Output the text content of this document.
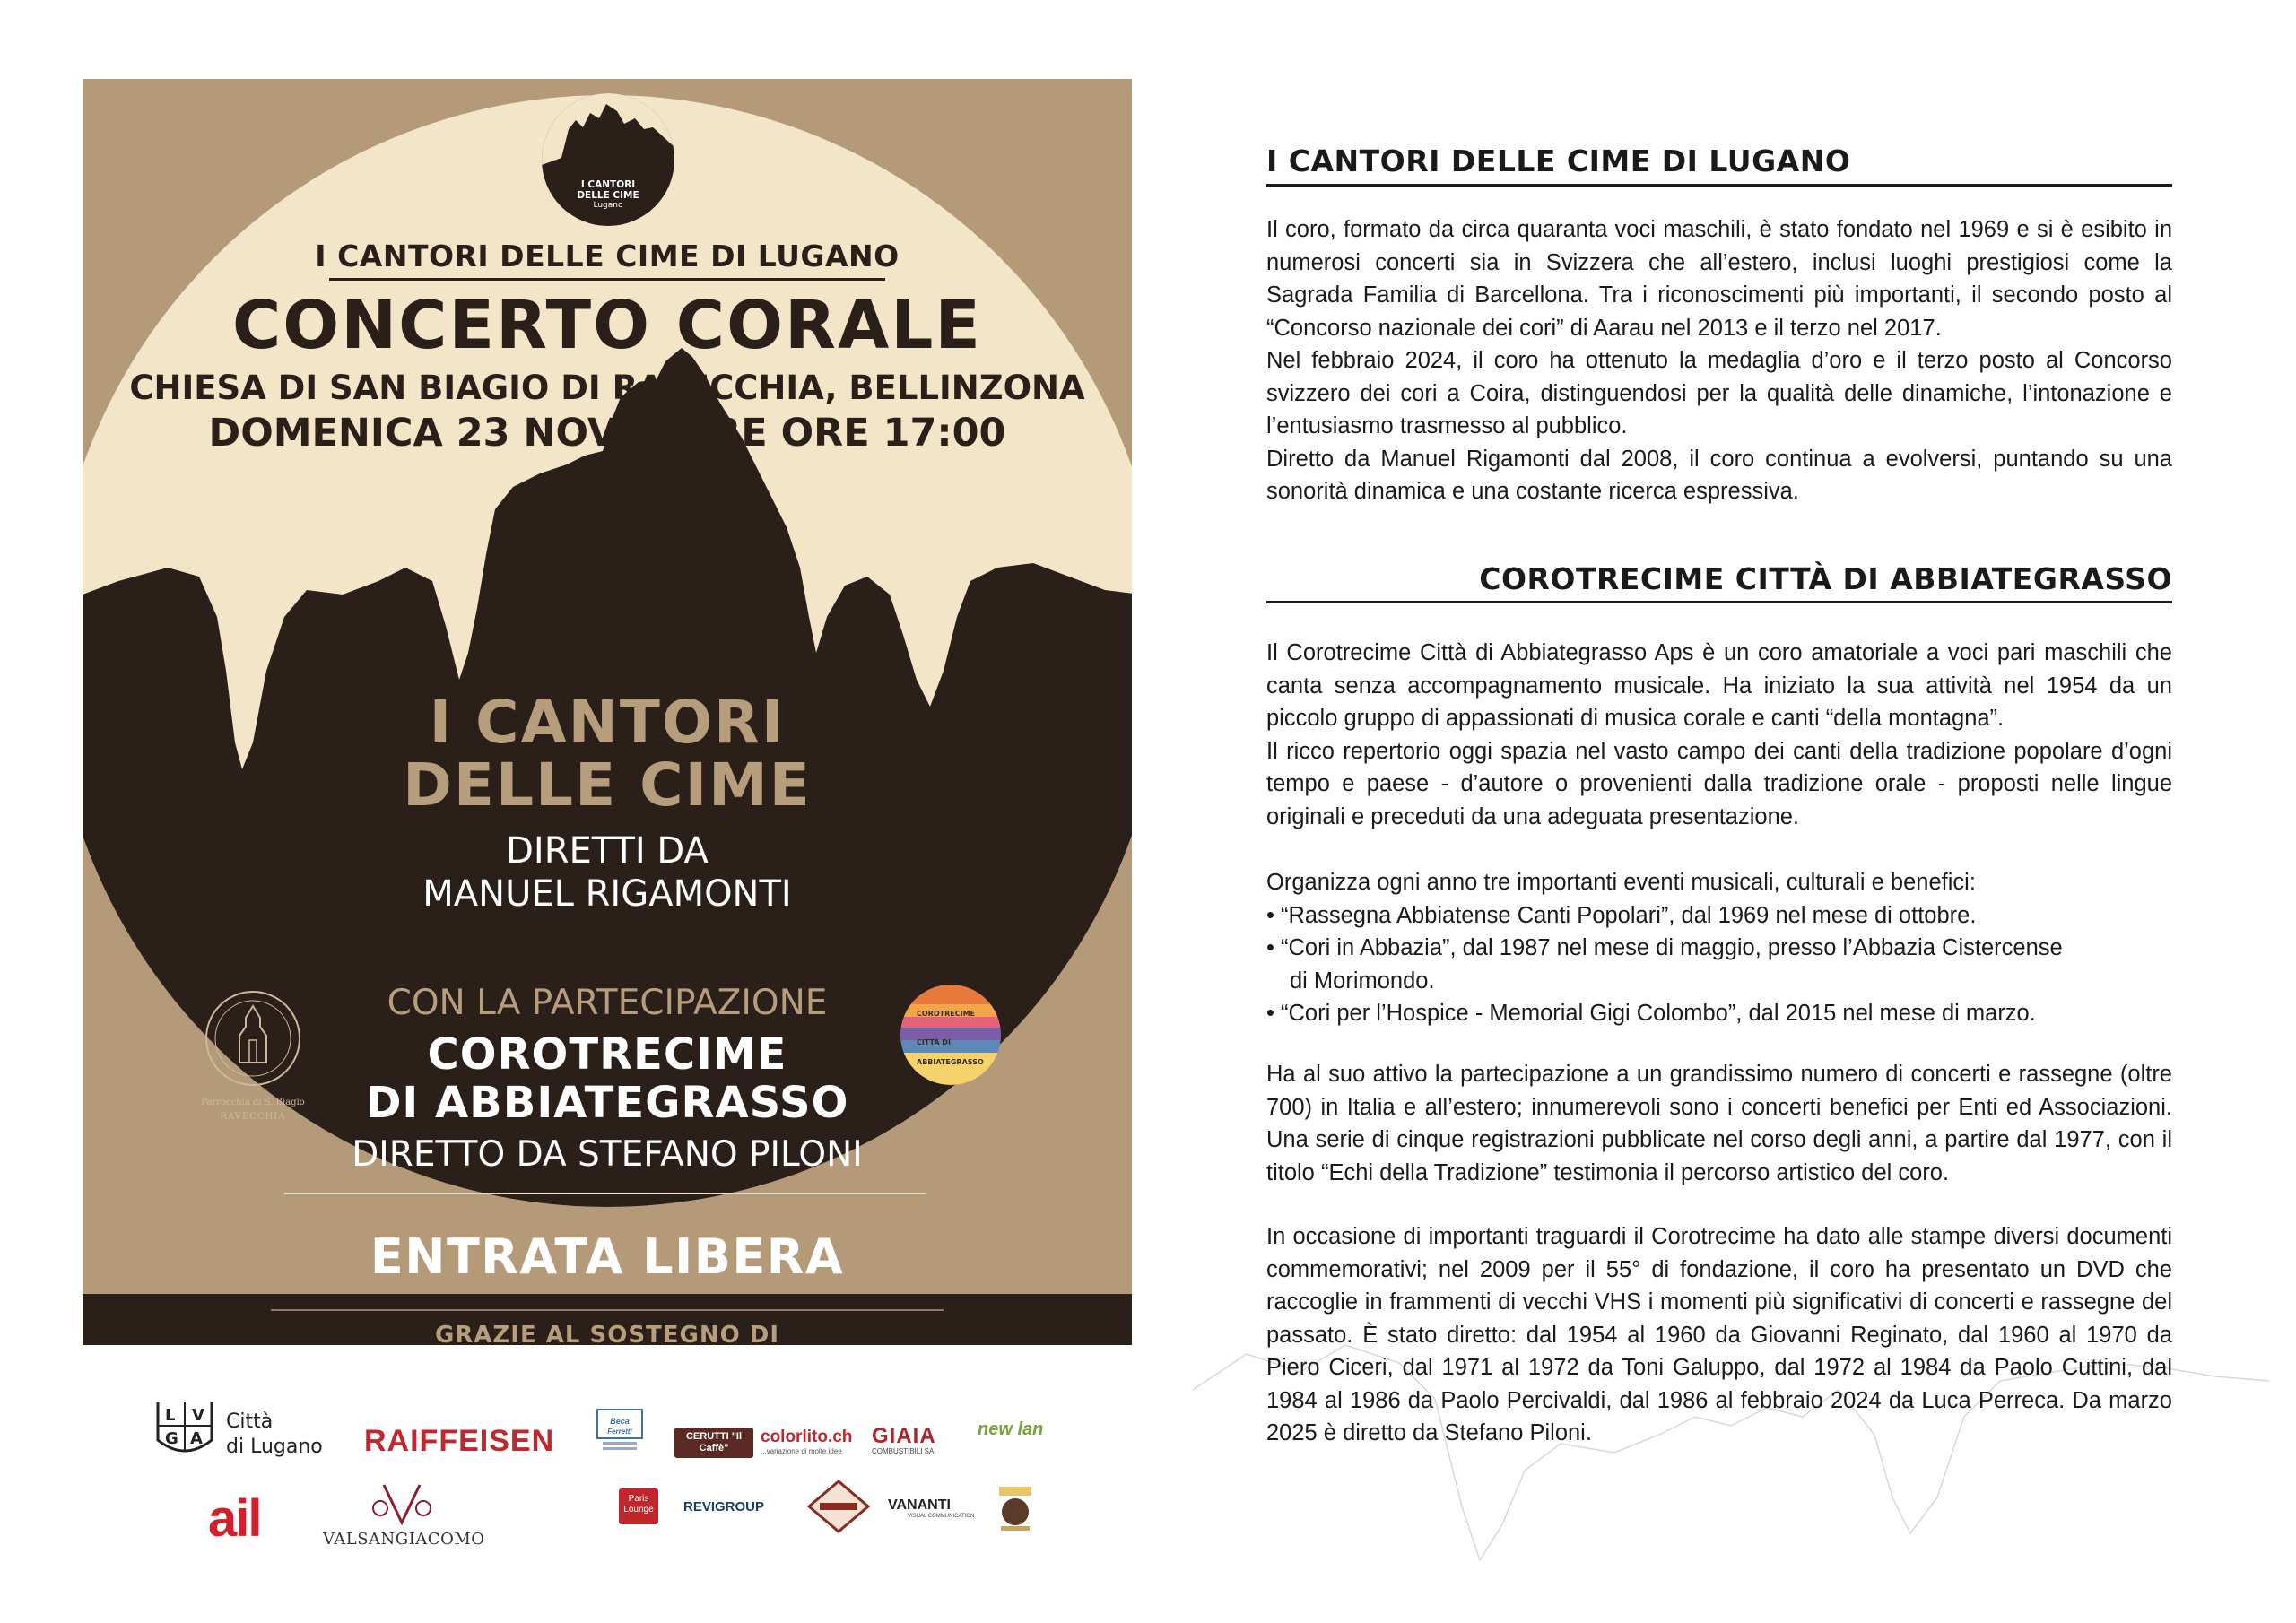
I CANTORI
DELLE CIME
Lugano
I CANTORI DELLE CIME DI LUGANO
CONCERTO CORALE
CHIESA DI SAN BIAGIO DI RAVECCHIA, BELLINZONA
DOMENICA 23 NOVEMBRE ORE 17:00
I CANTORI
DELLE CIME
DIRETTI DA
MANUEL RIGAMONTI
Parrocchia di S. Biagio
RAVECCHIA
COROTRECIME
CITTÀ DI
ABBIATEGRASSO
CON LA PARTECIPAZIONE
COROTRECIME
DI ABBIATEGRASSO
DIRETTO DA STEFANO PILONI
ENTRATA LIBERA
GRAZIE AL SOSTEGNO DI
L V
G A
Città
di Lugano RAIFFEISEN
Beca
Ferretti	CERUTTI "Il Caffè"
colorlito.ch
...variazione di molte idee
GIAIA
COMBUSTIBILI SA
new lan
ail	VALSANGIACOMO
Paris Lounge	REVIGROUP	VANANTI
VISUAL COMMUNICATION
I CANTORI DELLE CIME DI LUGANO

Il coro, formato da circa quaranta voci maschili, è stato fondato nel 1969 e si è esibito in numerosi concerti sia in Svizzera che all’estero, inclusi luoghi prestigiosi come la Sagrada Familia di Barcellona. Tra i riconoscimenti più importanti, il secondo posto al “Concorso nazionale dei cori” di Aarau nel 2013 e il terzo nel 2017.

Nel febbraio 2024, il coro ha ottenuto la medaglia d’oro e il terzo posto al Concorso svizzero dei cori a Coira, distinguendosi per la qualità delle dinamiche, l’intonazione e l’entusiasmo trasmesso al pubblico.

Diretto da Manuel Rigamonti dal 2008, il coro continua a evolversi, puntando su una sonorità dinamica e una costante ricerca espressiva.

COROTRECIME CITTÀ DI ABBIATEGRASSO

Il Corotrecime Città di Abbiategrasso Aps è un coro amatoriale a voci pari maschili che canta senza accompagnamento musicale. Ha iniziato la sua attività nel 1954 da un piccolo gruppo di appassionati di musica corale e canti “della montagna”.

Il ricco repertorio oggi spazia nel vasto campo dei canti della tradizione popolare d’ogni tempo e paese - d’autore o provenienti dalla tradizione orale - proposti nelle lingue originali e preceduti da una adeguata presentazione.

Organizza ogni anno tre importanti eventi musicali, culturali e benefici:
• “Rassegna Abbiatense Canti Popolari”, dal 1969 nel mese di ottobre.
• “Cori in Abbazia”, dal 1987 nel mese di maggio, presso l’Abbazia Cistercense
di Morimondo.
• “Cori per l’Hospice - Memorial Gigi Colombo”, dal 2015 nel mese di marzo.

Ha al suo attivo la partecipazione a un grandissimo numero di concerti e rassegne (oltre 700) in Italia e all’estero; innumerevoli sono i concerti benefici per Enti ed Associazioni. Una serie di cinque registrazioni pubblicate nel corso degli anni, a partire dal 1977, con il titolo “Echi della Tradizione” testimonia il percorso artistico del coro.

In occasione di importanti traguardi il Corotrecime ha dato alle stampe diversi documenti commemorativi; nel 2009 per il 55° di fondazione, il coro ha presentato un DVD che raccoglie in frammenti di vecchi VHS i momenti più significativi di concerti e rassegne del passato. È stato diretto: dal 1954 al 1960 da Giovanni Reginato, dal 1960 al 1970 da Piero Ciceri, dal 1971 al 1972 da Toni Galuppo, dal 1972 al 1984 da Paolo Cuttini, dal 1984 al 1986 da Paolo Percivaldi, dal 1986 al febbraio 2024 da Luca Perreca. Da marzo 2025 è diretto da Stefano Piloni.
